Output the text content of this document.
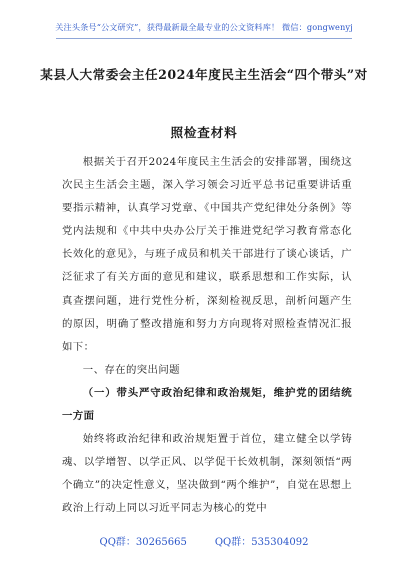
关注头条号“公文研究”，获得最新最全最专业的公文资料库！ 微信：gongwenyj
某县人大常委会主任2024年度民主生活会“四个带头”对
照检查材料

根据关于召开2024年度民主生活会的安排部署，围绕这次民主生活会主题，深入学习领会习近平总书记重要讲话重要指示精神，认真学习党章、《中国共产党纪律处分条例》等党内法规和《中共中央办公厅关于推进党纪学习教育常态化长效化的意见》，与班子成员和机关干部进行了谈心谈话，广泛征求了有关方面的意见和建议，联系思想和工作实际，认真查摆问题，进行党性分析，深刻检视反思，剖析问题产生的原因，明确了整改措施和努力方向现将对照检查情况汇报如下：

一、存在的突出问题

（一）带头严守政治纪律和政治规矩，维护党的团结统一方面

始终将政治纪律和政治规矩置于首位，建立健全以学铸魂、以学增智、以学正风、以学促干长效机制，深刻领悟“两个确立”的决定性意义，坚决做到“两个维护”，自觉在思想上政治上行动上同以习近平同志为核心的党中

QQ群：30265665	QQ群：535304092
